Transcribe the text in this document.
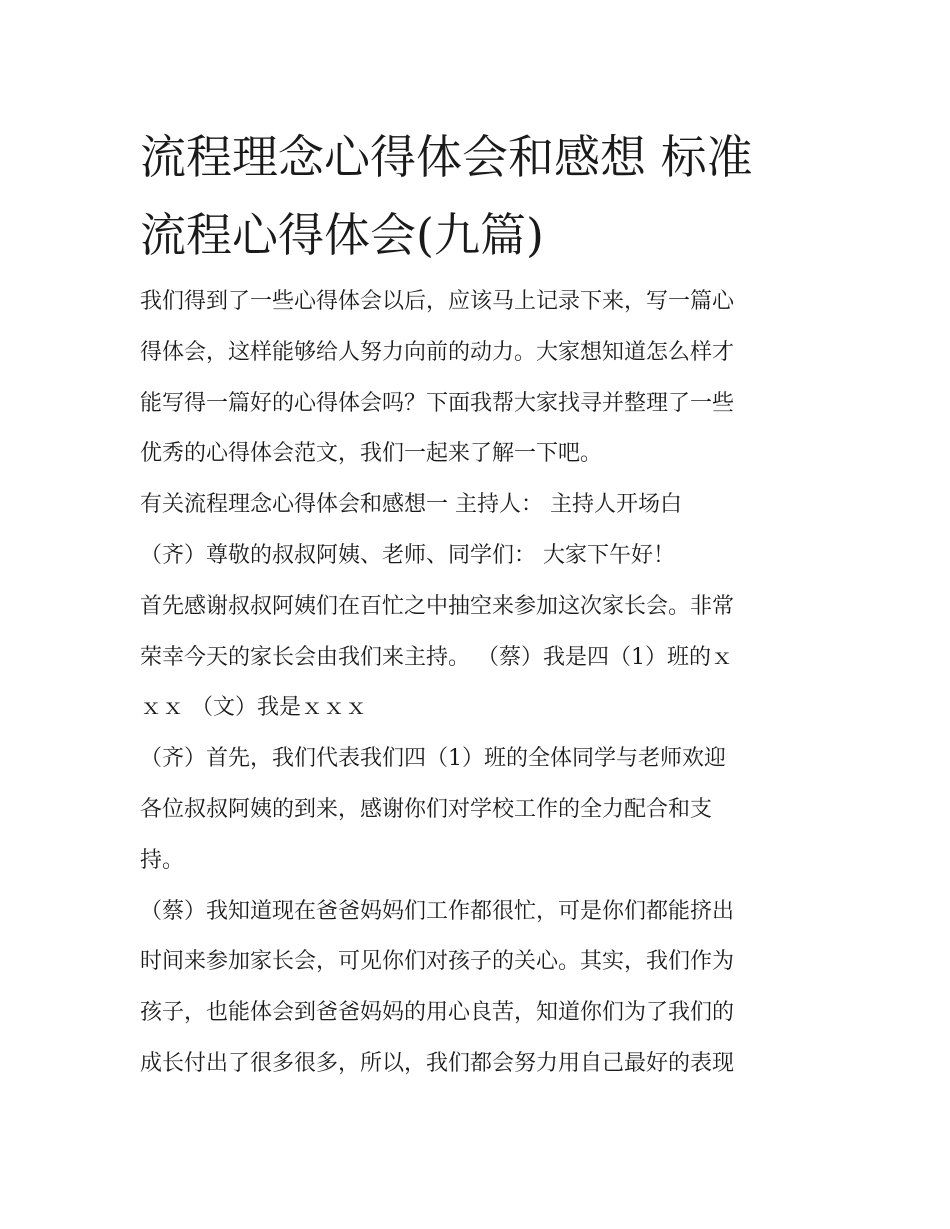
流程理念心得体会和感想 标准
流程心得体会(九篇)
我们得到了一些心得体会以后，应该马上记录下来，写一篇心
得体会，这样能够给人努力向前的动力。大家想知道怎么样才
能写得一篇好的心得体会吗？下面我帮大家找寻并整理了一些
优秀的心得体会范文，我们一起来了解一下吧。
有关流程理念心得体会和感想一 主持人： 主持人开场白
（齐）尊敬的叔叔阿姨、老师、同学们： 大家下午好！
首先感谢叔叔阿姨们在百忙之中抽空来参加这次家长会。非常
荣幸今天的家长会由我们来主持。 （蔡）我是四（1）班的ｘ
ｘｘ （文）我是ｘｘｘ
（齐）首先，我们代表我们四（1）班的全体同学与老师欢迎
各位叔叔阿姨的到来，感谢你们对学校工作的全力配合和支
持。
（蔡）我知道现在爸爸妈妈们工作都很忙，可是你们都能挤出
时间来参加家长会，可见你们对孩子的关心。其实，我们作为
孩子，也能体会到爸爸妈妈的用心良苦，知道你们为了我们的
成长付出了很多很多，所以，我们都会努力用自己最好的表现
